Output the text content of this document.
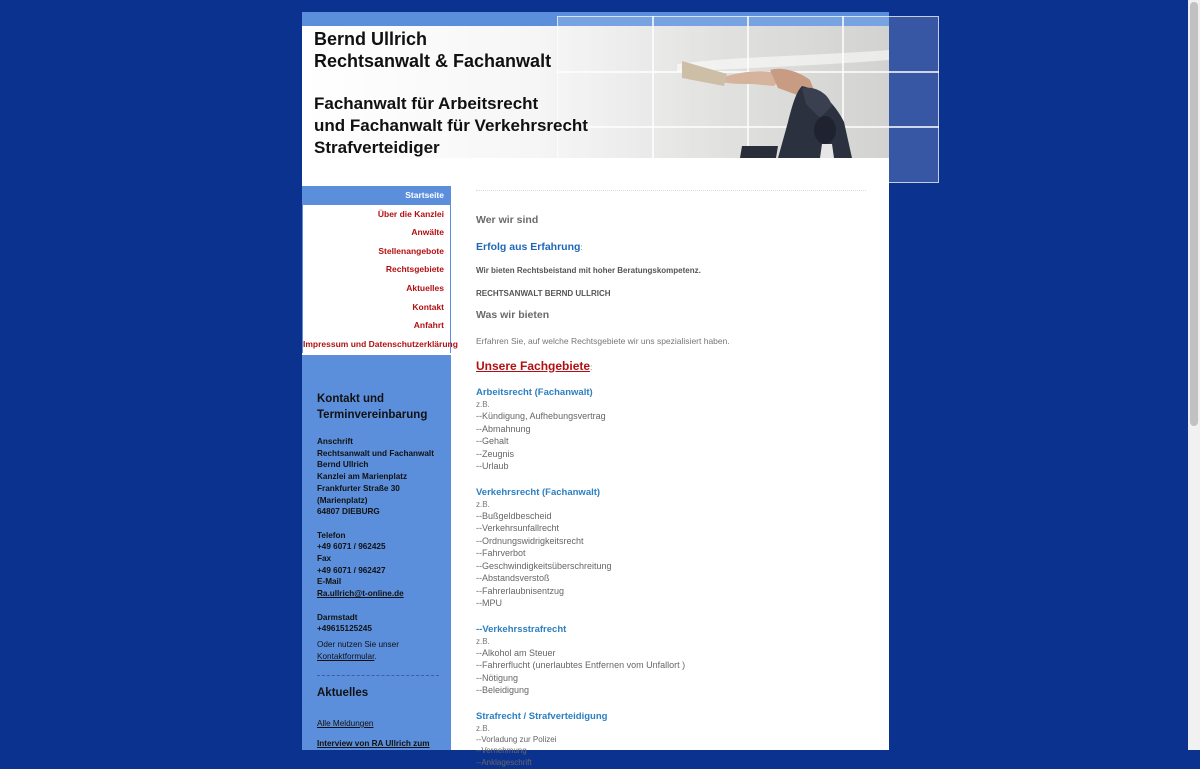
Bernd Ullrich
Rechtsanwalt & Fachanwalt
Fachanwalt für Arbeitsrecht
und Fachanwalt für Verkehrsrecht
Strafverteidiger
Startseite
Über die Kanzlei
Anwälte
Stellenangebote
Rechtsgebiete
Aktuelles
Kontakt
Anfahrt
Impressum und Datenschutzerklärung
Kontakt und Terminvereinbarung
Anschrift
Rechtsanwalt und Fachanwalt
Bernd Ullrich
Kanzlei am Marienplatz
Frankfurter Straße 30
(Marienplatz)
64807 DIEBURG
Telefon
+49 6071 / 962425
Fax
+49 6071 / 962427
E-Mail
Ra.ullrich@t-online.de
Darmstadt
+49615125245
Oder nutzen Sie unser
Kontaktformular.
Aktuelles
Alle Meldungen
Interview von RA Ullrich zum
Wer wir sind
Erfolg aus Erfahrung:
Wir bieten Rechtsbeistand mit hoher Beratungskompetenz.
RECHTSANWALT BERND ULLRICH
Was wir bieten
Erfahren Sie, auf welche Rechtsgebiete wir uns spezialisiert haben.
Unsere Fachgebiete:
Arbeitsrecht (Fachanwalt)
z.B.
--Kündigung, Aufhebungsvertrag
--Abmahnung
--Gehalt
--Zeugnis
--Urlaub
Verkehrsrecht (Fachanwalt)
z.B.
--Bußgeldbescheid
--Verkehrsunfallrecht
--Ordnungswidrigkeitsrecht
--Fahrverbot
--Geschwindigkeitsüberschreitung
--Abstandsverstoß
--Fahrerlaubnisentzug
--MPU
--Verkehrsstrafrecht
z.B.
--Alkohol am Steuer
--Fahrerflucht (unerlaubtes Entfernen vom Unfallort )
--Nötigung
--Beleidigung
Strafrecht / Strafverteidigung
z.B.
--Vorladung zur Polizei
--Vernehmung
--Anklageschrift
